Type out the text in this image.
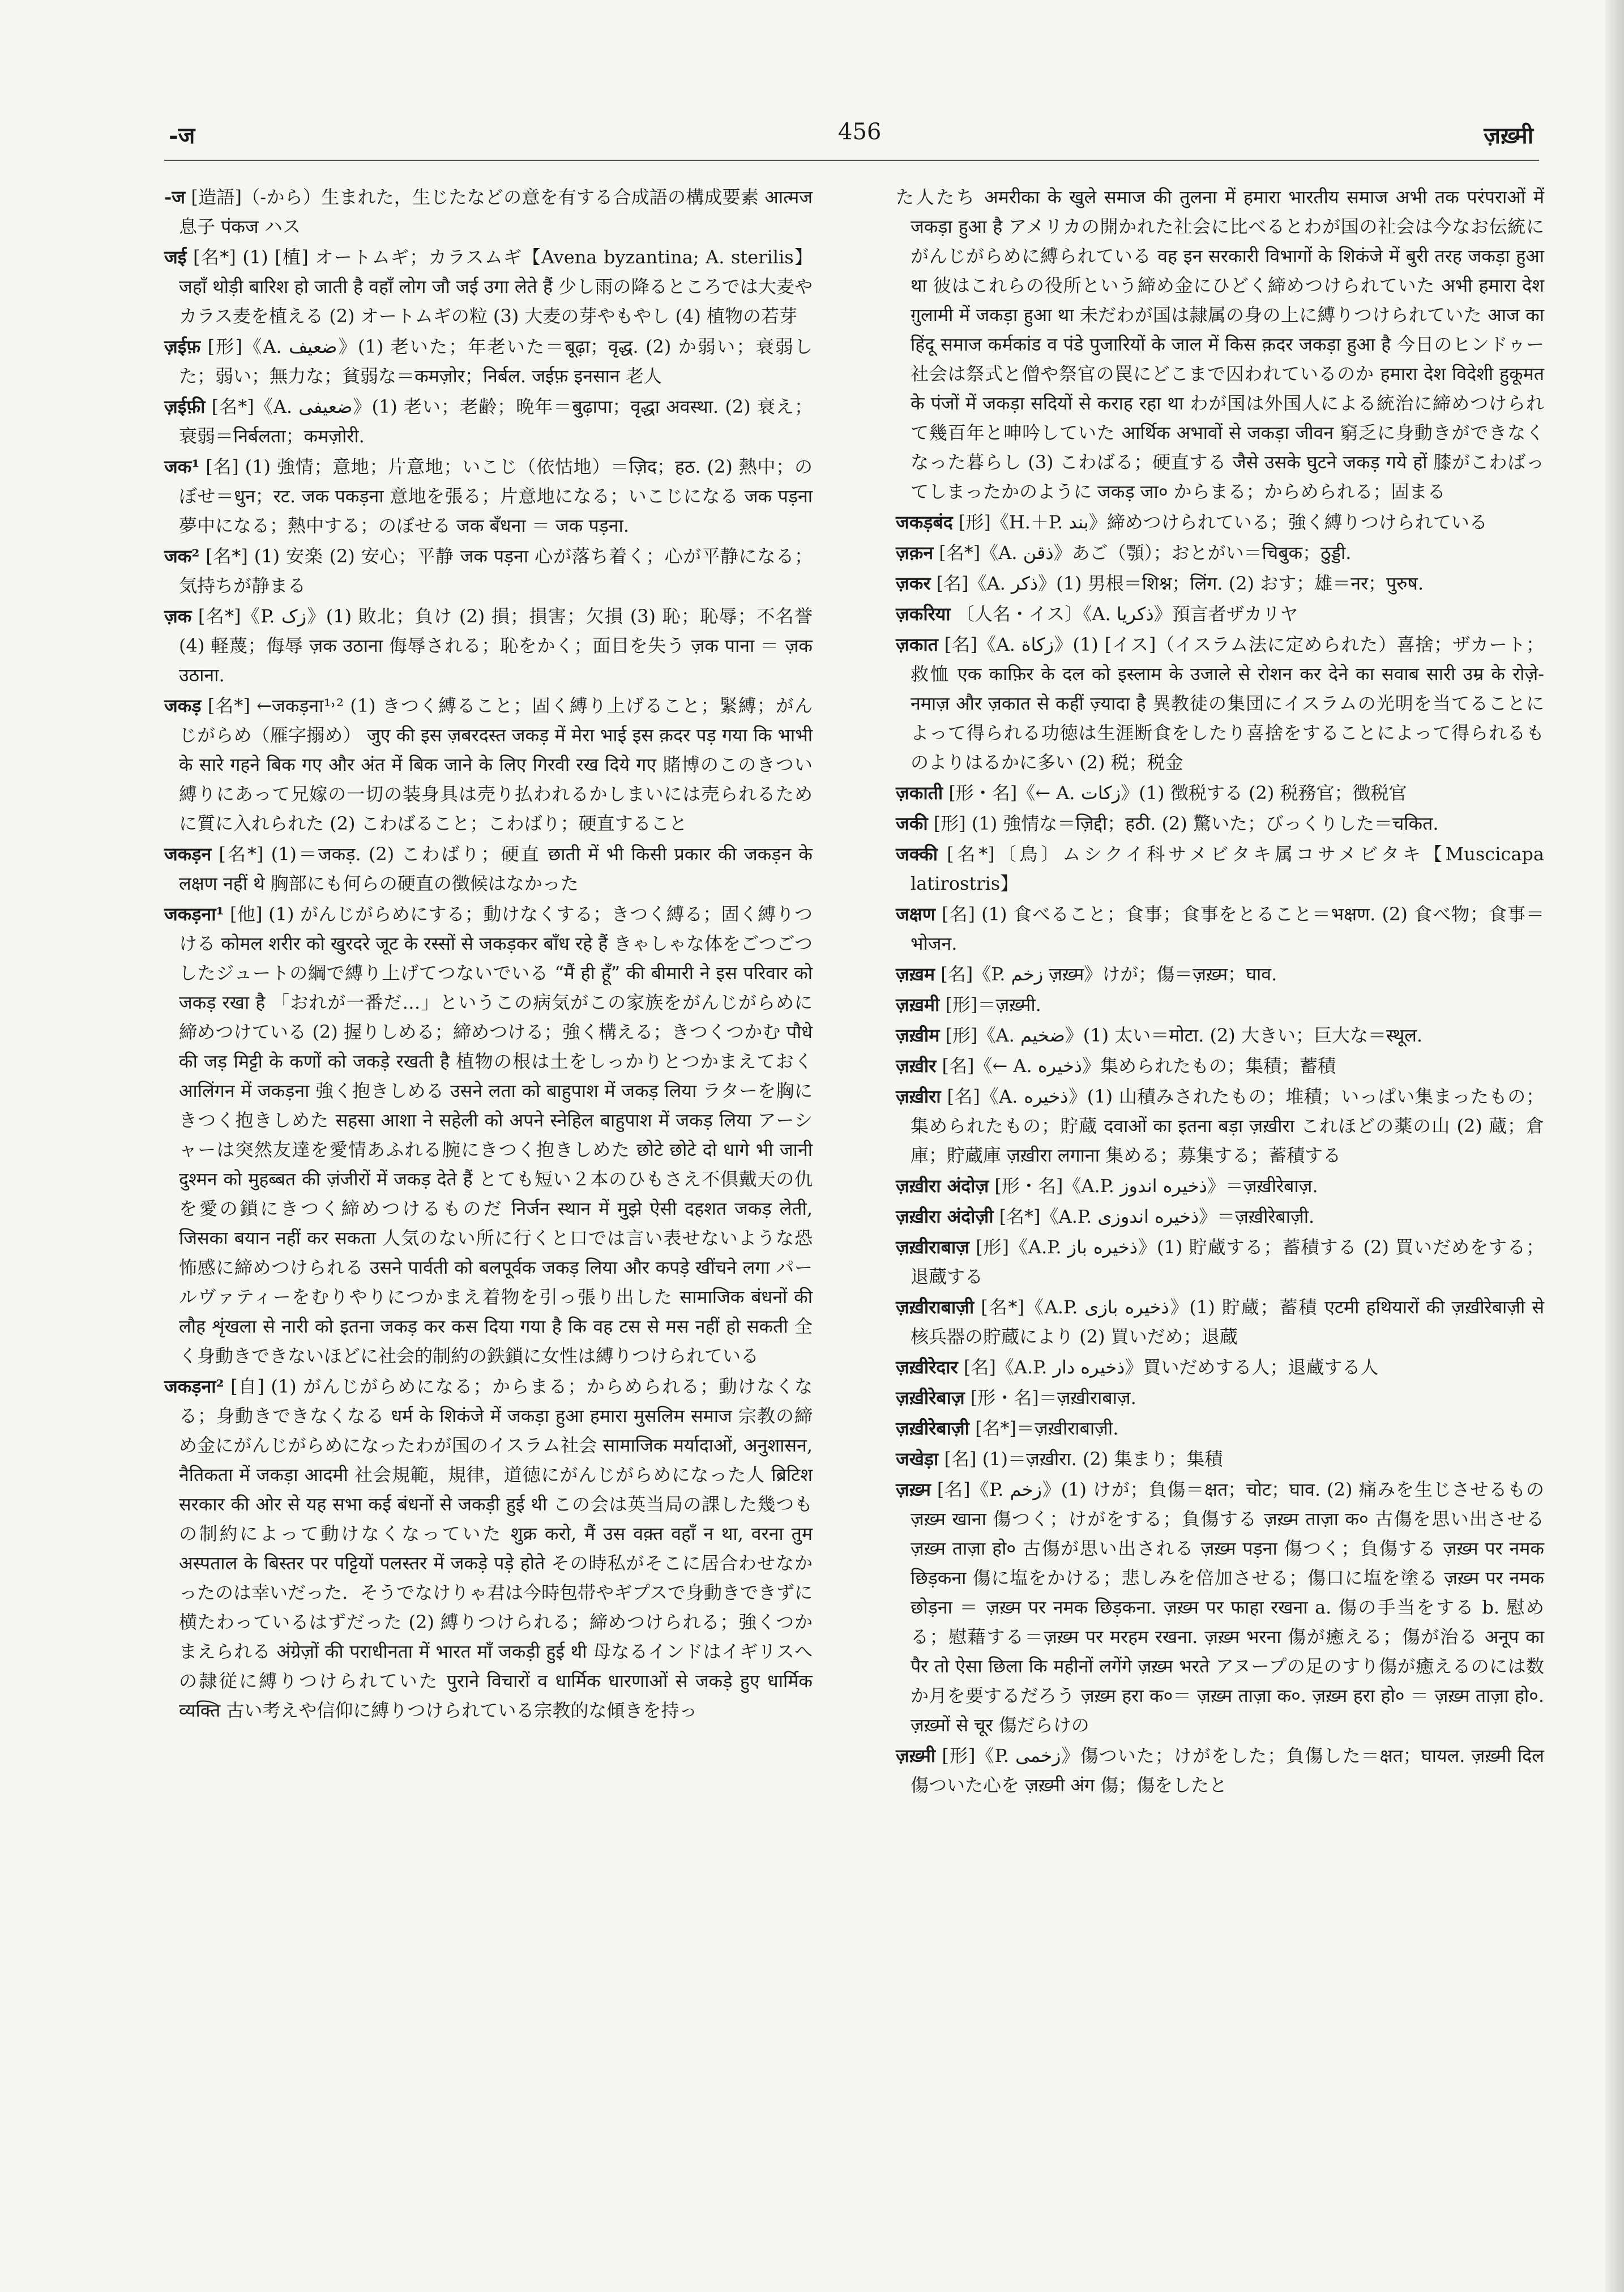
-ज	456	ज़ख़्मी

-ज [造語]（-から）生まれた，生じたなどの意を有する合成語の構成要素 आत्मज 息子 पंकज ハス

जई [名*] (1) [植] オートムギ；カラスムギ【Avena byzantina; A. sterilis】 जहाँ थोड़ी बारिश हो जाती है वहाँ लोग जौ जई उगा लेते हैं 少し雨の降るところでは大麦やカラス麦を植える (2) オートムギの粒 (3) 大麦の芽やもやし (4) 植物の若芽

ज़ईफ़ [形]《A. ضعيف》(1) 老いた；年老いた＝बूढ़ा；वृद्ध. (2) か弱い；衰弱した；弱い；無力な；貧弱な＝कमज़ोर；निर्बल. जईफ़ इनसान 老人

ज़ईफ़ी [名*]《A. ضعيفى》(1) 老い；老齢；晩年＝बुढ़ापा；वृद्धा अवस्था. (2) 衰え；衰弱＝निर्बलता；कमज़ोरी.

जक¹ [名] (1) 強情；意地；片意地；いこじ（依怙地）＝ज़िद；हठ. (2) 熱中；のぼせ＝धुन；रट. जक पकड़ना 意地を張る；片意地になる；いこじになる जक पड़ना 夢中になる；熱中する；のぼせる जक बँधना ＝ जक पड़ना.

जक² [名*] (1) 安楽 (2) 安心；平静 जक पड़ना 心が落ち着く；心が平静になる；気持ちが静まる

ज़क [名*]《P. زک》(1) 敗北；負け (2) 損；損害；欠損 (3) 恥；恥辱；不名誉 (4) 軽蔑；侮辱 ज़क उठाना 侮辱される；恥をかく；面目を失う ज़क पाना ＝ ज़क उठाना.

जकड़ [名*] ←जकड़ना¹˒² (1) きつく縛ること；固く縛り上げること；緊縛；がんじがらめ（雁字搦め） जुए की इस ज़बरदस्त जकड़ में मेरा भाई इस क़दर पड़ गया कि भाभी के सारे गहने बिक गए और अंत में बिक जाने के लिए गिरवी रख दिये गए 賭博のこのきつい縛りにあって兄嫁の一切の装身具は売り払われるかしまいには売られるために質に入れられた (2) こわばること；こわばり；硬直すること

जकड़न [名*] (1)＝जकड़. (2) こわばり；硬直 छाती में भी किसी प्रकार की जकड़न के लक्षण नहीं थे 胸部にも何らの硬直の徴候はなかった

जकड़ना¹ [他] (1) がんじがらめにする；動けなくする；きつく縛る；固く縛りつける कोमल शरीर को खुरदरे जूट के रस्सों से जकड़कर बाँध रहे हैं きゃしゃな体をごつごつしたジュートの綱で縛り上げてつないでいる “मैं ही हूँ” की बीमारी ने इस परिवार को जकड़ रखा है 「おれが一番だ…」というこの病気がこの家族をがんじがらめに締めつけている (2) 握りしめる；締めつける；強く構える；きつくつかむ पौधे की जड़ मिट्टी के कणों को जकड़े रखती है 植物の根は土をしっかりとつかまえておく आलिंगन में जकड़ना 強く抱きしめる उसने लता को बाहुपाश में जकड़ लिया ラターを胸にきつく抱きしめた सहसा आशा ने सहेली को अपने स्नेहिल बाहुपाश में जकड़ लिया アーシャーは突然友達を愛情あふれる腕にきつく抱きしめた छोटे छोटे दो धागे भी जानी दुश्मन को मुहब्बत की ज़ंजीरों में जकड़ देते हैं とても短い２本のひもさえ不倶戴天の仇を愛の鎖にきつく締めつけるものだ निर्जन स्थान में मुझे ऐसी दहशत जकड़ लेती, जिसका बयान नहीं कर सकता 人気のない所に行くと口では言い表せないような恐怖感に締めつけられる उसने पार्वती को बलपूर्वक जकड़ लिया और कपड़े खींचने लगा パールヴァティーをむりやりにつかまえ着物を引っ張り出した सामाजिक बंधनों की लौह शृंखला से नारी को इतना जकड़ कर कस दिया गया है कि वह टस से मस नहीं हो सकती 全く身動きできないほどに社会的制約の鉄鎖に女性は縛りつけられている

जकड़ना² [自] (1) がんじがらめになる；からまる；からめられる；動けなくなる；身動きできなくなる धर्म के शिकंजे में जकड़ा हुआ हमारा मुसलिम समाज 宗教の締め金にがんじがらめになったわが国のイスラム社会 सामाजिक मर्यादाओं, अनुशासन, नैतिकता में जकड़ा आदमी 社会規範，規律，道徳にがんじがらめになった人 ब्रिटिश सरकार की ओर से यह सभा कई बंधनों से जकड़ी हुई थी この会は英当局の課した幾つもの制約によって動けなくなっていた शुक्र करो, मैं उस वक़्त वहाँ न था, वरना तुम अस्पताल के बिस्तर पर पट्टियों पलस्तर में जकड़े पड़े होते その時私がそこに居合わせなかったのは幸いだった．そうでなけりゃ君は今時包帯やギプスで身動きできずに横たわっているはずだった (2) 縛りつけられる；締めつけられる；強くつかまえられる अंग्रेज़ों की पराधीनता में भारत माँ जकड़ी हुई थी 母なるインドはイギリスへの隷従に縛りつけられていた पुराने विचारों व धार्मिक धारणाओं से जकड़े हुए धार्मिक व्यक्ति 古い考えや信仰に縛りつけられている宗教的な傾きを持っ

た人たち अमरीका के खुले समाज की तुलना में हमारा भारतीय समाज अभी तक परंपराओं में जकड़ा हुआ है アメリカの開かれた社会に比べるとわが国の社会は今なお伝統にがんじがらめに縛られている वह इन सरकारी विभागों के शिकंजे में बुरी तरह जकड़ा हुआ था 彼はこれらの役所という締め金にひどく締めつけられていた अभी हमारा देश ग़ुलामी में जकड़ा हुआ था 未だわが国は隷属の身の上に縛りつけられていた आज का हिंदू समाज कर्मकांड व पंडे पुजारियों के जाल में किस क़दर जकड़ा हुआ है 今日のヒンドゥー社会は祭式と僧や祭官の罠にどこまで囚われているのか हमारा देश विदेशी हुकूमत के पंजों में जकड़ा सदियों से कराह रहा था わが国は外国人による統治に締めつけられて幾百年と呻吟していた आर्थिक अभावों से जकड़ा जीवन 窮乏に身動きができなくなった暮らし (3) こわばる；硬直する जैसे उसके घुटने जकड़ गये हों 膝がこわばってしまったかのように जकड़ जा० からまる；からめられる；固まる

जकड़बंद [形]《H.＋P. بند》締めつけられている；強く縛りつけられている

ज़क़न [名*]《A. ذقن》あご（顎）；おとがい＝चिबुक；ठुड्डी.

ज़कर [名]《A. ذكر》(1) 男根＝शिश्न；लिंग. (2) おす；雄＝नर；पुरुष.

ज़करिया 〔人名・イス〕《A. ذكريا》預言者ザカリヤ

ज़कात [名]《A. زكاة》(1) [イス]（イスラム法に定められた）喜捨；ザカート；救恤 एक काफ़िर के दल को इस्लाम के उजाले से रोशन कर देने का सवाब सारी उम्र के रोज़े-नमाज़ और ज़कात से कहीं ज़्यादा है 異教徒の集団にイスラムの光明を当てることによって得られる功徳は生涯断食をしたり喜捨をすることによって得られるものよりはるかに多い (2) 税；税金

ज़काती [形・名]《← A. زكات》(1) 徴税する (2) 税務官；徴税官

जकी [形] (1) 強情な＝ज़िद्दी；हठी. (2) 驚いた；びっくりした＝चकित.

जक्की [名*]〔鳥〕ムシクイ科サメビタキ属コサメビタキ【Muscicapa latirostris】

जक्षण [名] (1) 食べること；食事；食事をとること＝भक्षण. (2) 食べ物；食事＝भोजन.

ज़ख़म [名]《P. زخم ज़ख़्म》けが；傷＝ज़ख़्म；घाव.

ज़ख़मी [形]＝ज़ख़्मी.

ज़ख़ीम [形]《A. ضخيم》(1) 太い＝मोटा. (2) 大きい；巨大な＝स्थूल.

ज़ख़ीर [名]《← A. ذخيره》集められたもの；集積；蓄積

ज़ख़ीरा [名]《A. ذخيره》(1) 山積みされたもの；堆積；いっぱい集まったもの；集められたもの；貯蔵 दवाओं का इतना बड़ा ज़ख़ीरा これほどの薬の山 (2) 蔵；倉庫；貯蔵庫 ज़ख़ीरा लगाना 集める；募集する；蓄積する

ज़ख़ीरा अंदोज़ [形・名]《A.P. ذخيره اندوز》＝ज़ख़ीरेबाज़.

ज़ख़ीरा अंदोज़ी [名*]《A.P. ذخيره اندوزى》＝ज़ख़ीरेबाज़ी.

ज़ख़ीराबाज़ [形]《A.P. ذخيره باز》(1) 貯蔵する；蓄積する (2) 買いだめをする；退蔵する

ज़ख़ीराबाज़ी [名*]《A.P. ذخيره بازى》(1) 貯蔵；蓄積 एटमी हथियारों की ज़ख़ीरेबाज़ी से 核兵器の貯蔵により (2) 買いだめ；退蔵

ज़ख़ीरेदार [名]《A.P. ذخيره دار》買いだめする人；退蔵する人

ज़ख़ीरेबाज़ [形・名]＝ज़ख़ीराबाज़.

ज़ख़ीरेबाज़ी [名*]＝ज़ख़ीराबाज़ी.

जखेड़ा [名] (1)＝ज़ख़ीरा. (2) 集まり；集積

ज़ख़्म [名]《P. زخم》(1) けが；負傷＝क्षत；चोट；घाव. (2) 痛みを生じさせるもの ज़ख़्म खाना 傷つく；けがをする；負傷する ज़ख़्म ताज़ा क० 古傷を思い出させる ज़ख़्म ताज़ा हो० 古傷が思い出される ज़ख़्म पड़ना 傷つく；負傷する ज़ख़्म पर नमक छिड़कना 傷に塩をかける；悲しみを倍加させる；傷口に塩を塗る ज़ख़्म पर नमक छोड़ना ＝ ज़ख़्म पर नमक छिड़कना. ज़ख़्म पर फाहा रखना a. 傷の手当をする b. 慰める；慰藉する＝ज़ख़्म पर मरहम रखना. ज़ख़्म भरना 傷が癒える；傷が治る अनूप का पैर तो ऐसा छिला कि महीनों लगेंगे ज़ख़्म भरते アヌープの足のすり傷が癒えるのには数か月を要するだろう ज़ख़्म हरा क०＝ ज़ख़्म ताज़ा क०. ज़ख़्म हरा हो० ＝ ज़ख़्म ताज़ा हो०. ज़ख़्मों से चूर 傷だらけの

ज़ख़्मी [形]《P. زخمى》傷ついた；けがをした；負傷した＝क्षत；घायल. ज़ख़्मी दिल 傷ついた心を ज़ख़्मी अंग 傷；傷をしたと
